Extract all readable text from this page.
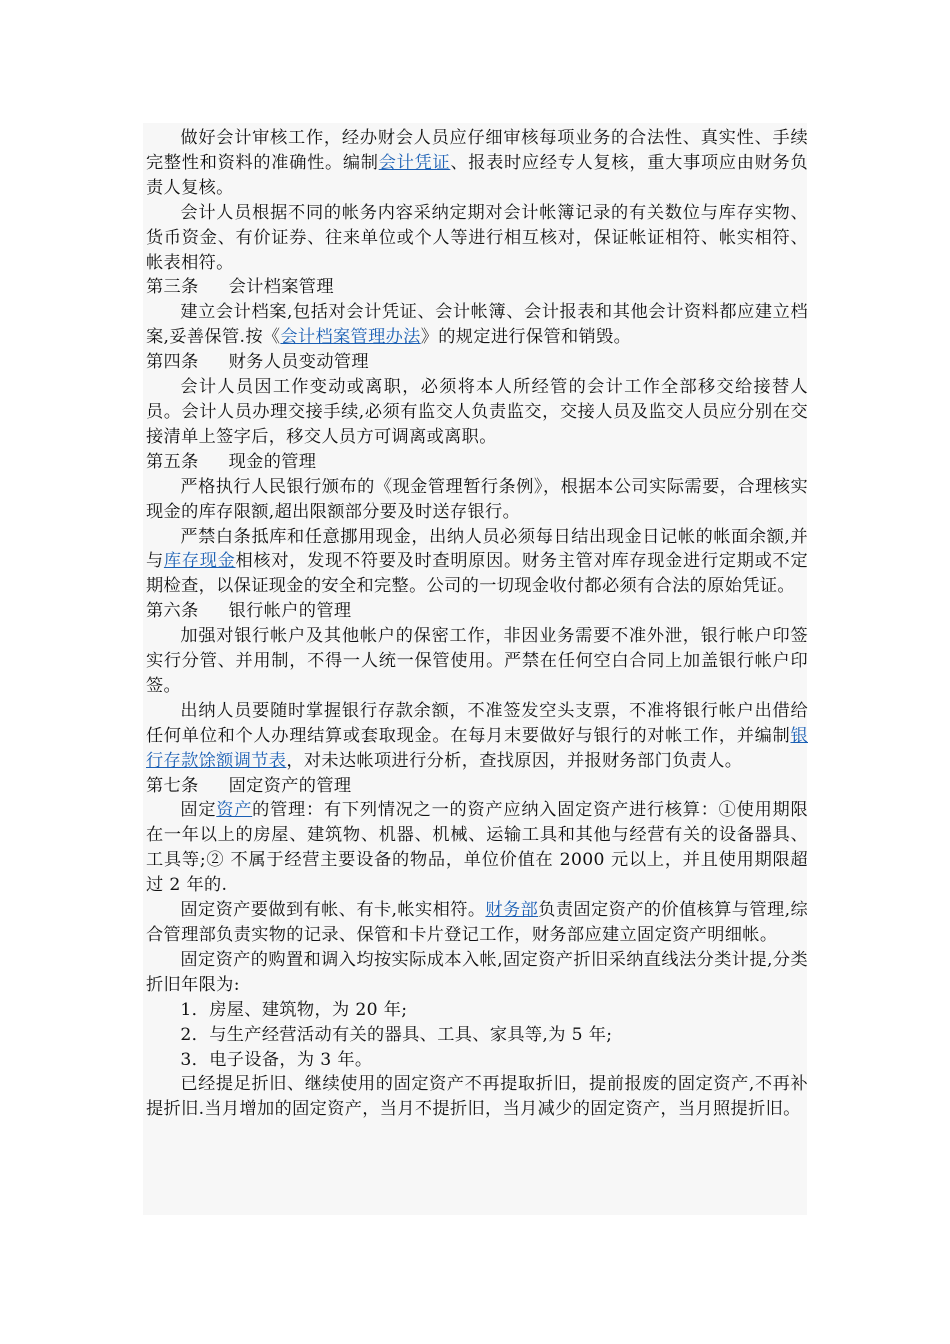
做好会计审核工作，经办财会人员应仔细审核每项业务的合法性、真实性、手续完整性和资料的准确性。编制会计凭证、报表时应经专人复核，重大事项应由财务负责人复核。

会计人员根据不同的帐务内容采纳定期对会计帐簿记录的有关数位与库存实物、货币资金、有价证券、往来单位或个人等进行相互核对，保证帐证相符、帐实相符、帐表相符。

第三条 会计档案管理

建立会计档案,包括对会计凭证、会计帐簿、会计报表和其他会计资料都应建立档案,妥善保管.按《会计档案管理办法》的规定进行保管和销毁。

第四条 财务人员变动管理

会计人员因工作变动或离职，必须将本人所经管的会计工作全部移交给接替人员。会计人员办理交接手续,必须有监交人负责监交，交接人员及监交人员应分别在交接清单上签字后，移交人员方可调离或离职。

第五条 现金的管理

严格执行人民银行颁布的《现金管理暂行条例》，根据本公司实际需要，合理核实现金的库存限额,超出限额部分要及时送存银行。

严禁白条抵库和任意挪用现金，出纳人员必须每日结出现金日记帐的帐面余额,并与库存现金相核对，发现不符要及时查明原因。财务主管对库存现金进行定期或不定期检查，以保证现金的安全和完整。公司的一切现金收付都必须有合法的原始凭证。

第六条 银行帐户的管理

加强对银行帐户及其他帐户的保密工作，非因业务需要不准外泄，银行帐户印签实行分管、并用制，不得一人统一保管使用。严禁在任何空白合同上加盖银行帐户印签。

出纳人员要随时掌握银行存款余额，不准签发空头支票，不准将银行帐户出借给任何单位和个人办理结算或套取现金。在每月末要做好与银行的对帐工作，并编制银行存款馀额调节表，对未达帐项进行分析，查找原因，并报财务部门负责人。

第七条 固定资产的管理

固定资产的管理：有下列情况之一的资产应纳入固定资产进行核算：①使用期限在一年以上的房屋、建筑物、机器、机械、运输工具和其他与经营有关的设备器具、工具等;② 不属于经营主要设备的物品，单位价值在 2000 元以上，并且使用期限超过 2 年的.

固定资产要做到有帐、有卡,帐实相符。财务部负责固定资产的价值核算与管理,综合管理部负责实物的记录、保管和卡片登记工作，财务部应建立固定资产明细帐。

固定资产的购置和调入均按实际成本入帐,固定资产折旧采纳直线法分类计提,分类折旧年限为:

1．房屋、建筑物，为 20 年;

2．与生产经营活动有关的器具、工具、家具等,为 5 年;

3．电子设备，为 3 年。

已经提足折旧、继续使用的固定资产不再提取折旧，提前报废的固定资产,不再补提折旧.当月增加的固定资产，当月不提折旧，当月减少的固定资产，当月照提折旧。
